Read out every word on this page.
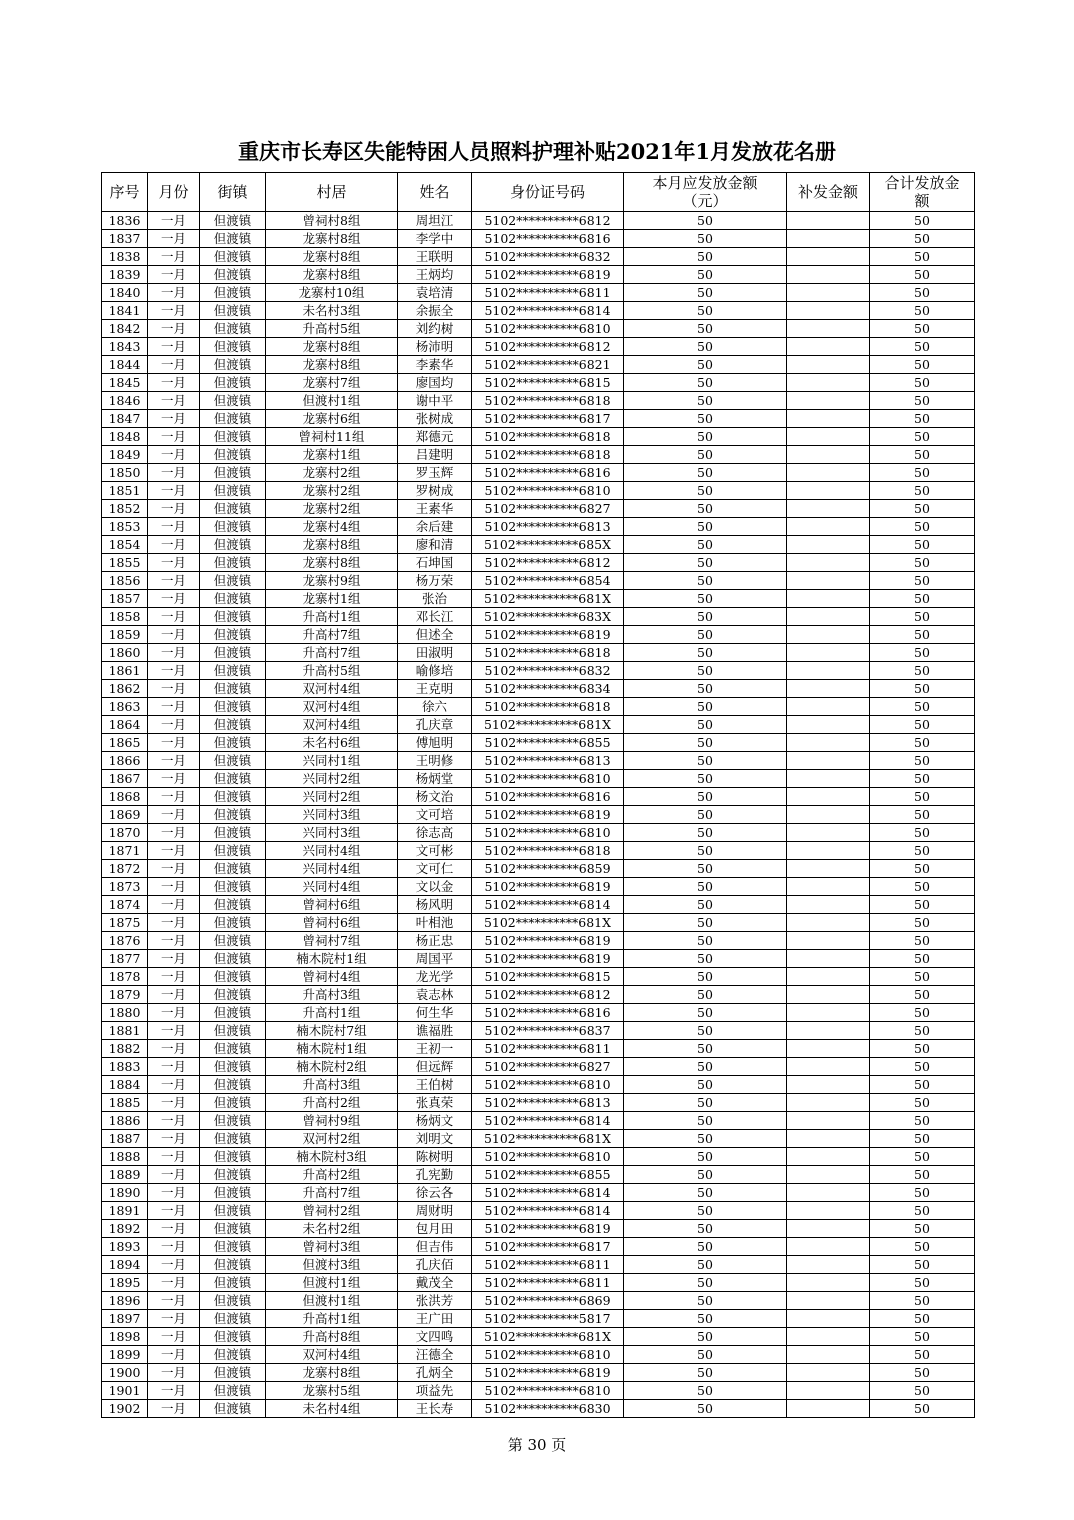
重庆市长寿区失能特困人员照料护理补贴2021年1月发放花名册
序号	月份	街镇	村居	姓名	身份证号码	本月应发放金额（元）	补发金额	合计发放金额
1836	一月	但渡镇	曾祠村8组	周坦江	5102**********6812	50		50
1837	一月	但渡镇	龙寨村8组	李学中	5102**********6816	50		50
1838	一月	但渡镇	龙寨村8组	王联明	5102**********6832	50		50
1839	一月	但渡镇	龙寨村8组	王炳均	5102**********6819	50		50
1840	一月	但渡镇	龙寨村10组	袁培清	5102**********6811	50		50
1841	一月	但渡镇	未名村3组	余振全	5102**********6814	50		50
1842	一月	但渡镇	升高村5组	刘约树	5102**********6810	50		50
1843	一月	但渡镇	龙寨村8组	杨沛明	5102**********6812	50		50
1844	一月	但渡镇	龙寨村8组	李素华	5102**********6821	50		50
1845	一月	但渡镇	龙寨村7组	廖国均	5102**********6815	50		50
1846	一月	但渡镇	但渡村1组	谢中平	5102**********6818	50		50
1847	一月	但渡镇	龙寨村6组	张树成	5102**********6817	50		50
1848	一月	但渡镇	曾祠村11组	郑德元	5102**********6818	50		50
1849	一月	但渡镇	龙寨村1组	吕建明	5102**********6818	50		50
1850	一月	但渡镇	龙寨村2组	罗玉辉	5102**********6816	50		50
1851	一月	但渡镇	龙寨村2组	罗树成	5102**********6810	50		50
1852	一月	但渡镇	龙寨村2组	王素华	5102**********6827	50		50
1853	一月	但渡镇	龙寨村4组	余后建	5102**********6813	50		50
1854	一月	但渡镇	龙寨村8组	廖和清	5102**********685X	50		50
1855	一月	但渡镇	龙寨村8组	石坤国	5102**********6812	50		50
1856	一月	但渡镇	龙寨村9组	杨万荣	5102**********6854	50		50
1857	一月	但渡镇	龙寨村1组	张治	5102**********681X	50		50
1858	一月	但渡镇	升高村1组	邓长江	5102**********683X	50		50
1859	一月	但渡镇	升高村7组	但述全	5102**********6819	50		50
1860	一月	但渡镇	升高村7组	田淑明	5102**********6818	50		50
1861	一月	但渡镇	升高村5组	喻修培	5102**********6832	50		50
1862	一月	但渡镇	双河村4组	王克明	5102**********6834	50		50
1863	一月	但渡镇	双河村4组	徐六	5102**********6818	50		50
1864	一月	但渡镇	双河村4组	孔庆章	5102**********681X	50		50
1865	一月	但渡镇	未名村6组	傅旭明	5102**********6855	50		50
1866	一月	但渡镇	兴同村1组	王明修	5102**********6813	50		50
1867	一月	但渡镇	兴同村2组	杨炳堂	5102**********6810	50		50
1868	一月	但渡镇	兴同村2组	杨文治	5102**********6816	50		50
1869	一月	但渡镇	兴同村3组	文可培	5102**********6819	50		50
1870	一月	但渡镇	兴同村3组	徐志高	5102**********6810	50		50
1871	一月	但渡镇	兴同村4组	文可彬	5102**********6818	50		50
1872	一月	但渡镇	兴同村4组	文可仁	5102**********6859	50		50
1873	一月	但渡镇	兴同村4组	文以金	5102**********6819	50		50
1874	一月	但渡镇	曾祠村6组	杨风明	5102**********6814	50		50
1875	一月	但渡镇	曾祠村6组	叶相池	5102**********681X	50		50
1876	一月	但渡镇	曾祠村7组	杨正忠	5102**********6819	50		50
1877	一月	但渡镇	楠木院村1组	周国平	5102**********6819	50		50
1878	一月	但渡镇	曾祠村4组	龙光学	5102**********6815	50		50
1879	一月	但渡镇	升高村3组	袁志林	5102**********6812	50		50
1880	一月	但渡镇	升高村1组	何生华	5102**********6816	50		50
1881	一月	但渡镇	楠木院村7组	谯福胜	5102**********6837	50		50
1882	一月	但渡镇	楠木院村1组	王初一	5102**********6811	50		50
1883	一月	但渡镇	楠木院村2组	但远辉	5102**********6827	50		50
1884	一月	但渡镇	升高村3组	王伯树	5102**********6810	50		50
1885	一月	但渡镇	升高村2组	张真荣	5102**********6813	50		50
1886	一月	但渡镇	曾祠村9组	杨炳文	5102**********6814	50		50
1887	一月	但渡镇	双河村2组	刘明文	5102**********681X	50		50
1888	一月	但渡镇	楠木院村3组	陈树明	5102**********6810	50		50
1889	一月	但渡镇	升高村2组	孔宪勤	5102**********6855	50		50
1890	一月	但渡镇	升高村7组	徐云各	5102**********6814	50		50
1891	一月	但渡镇	曾祠村2组	周财明	5102**********6814	50		50
1892	一月	但渡镇	未名村2组	包月田	5102**********6819	50		50
1893	一月	但渡镇	曾祠村3组	但吉伟	5102**********6817	50		50
1894	一月	但渡镇	但渡村3组	孔庆佰	5102**********6811	50		50
1895	一月	但渡镇	但渡村1组	戴茂全	5102**********6811	50		50
1896	一月	但渡镇	但渡村1组	张洪芳	5102**********6869	50		50
1897	一月	但渡镇	升高村1组	王广田	5102**********5817	50		50
1898	一月	但渡镇	升高村8组	文四鸣	5102**********681X	50		50
1899	一月	但渡镇	双河村4组	汪德全	5102**********6810	50		50
1900	一月	但渡镇	龙寨村8组	孔炳全	5102**********6819	50		50
1901	一月	但渡镇	龙寨村5组	项益先	5102**********6810	50		50
1902	一月	但渡镇	未名村4组	王长寿	5102**********6830	50		50
第 30 页
